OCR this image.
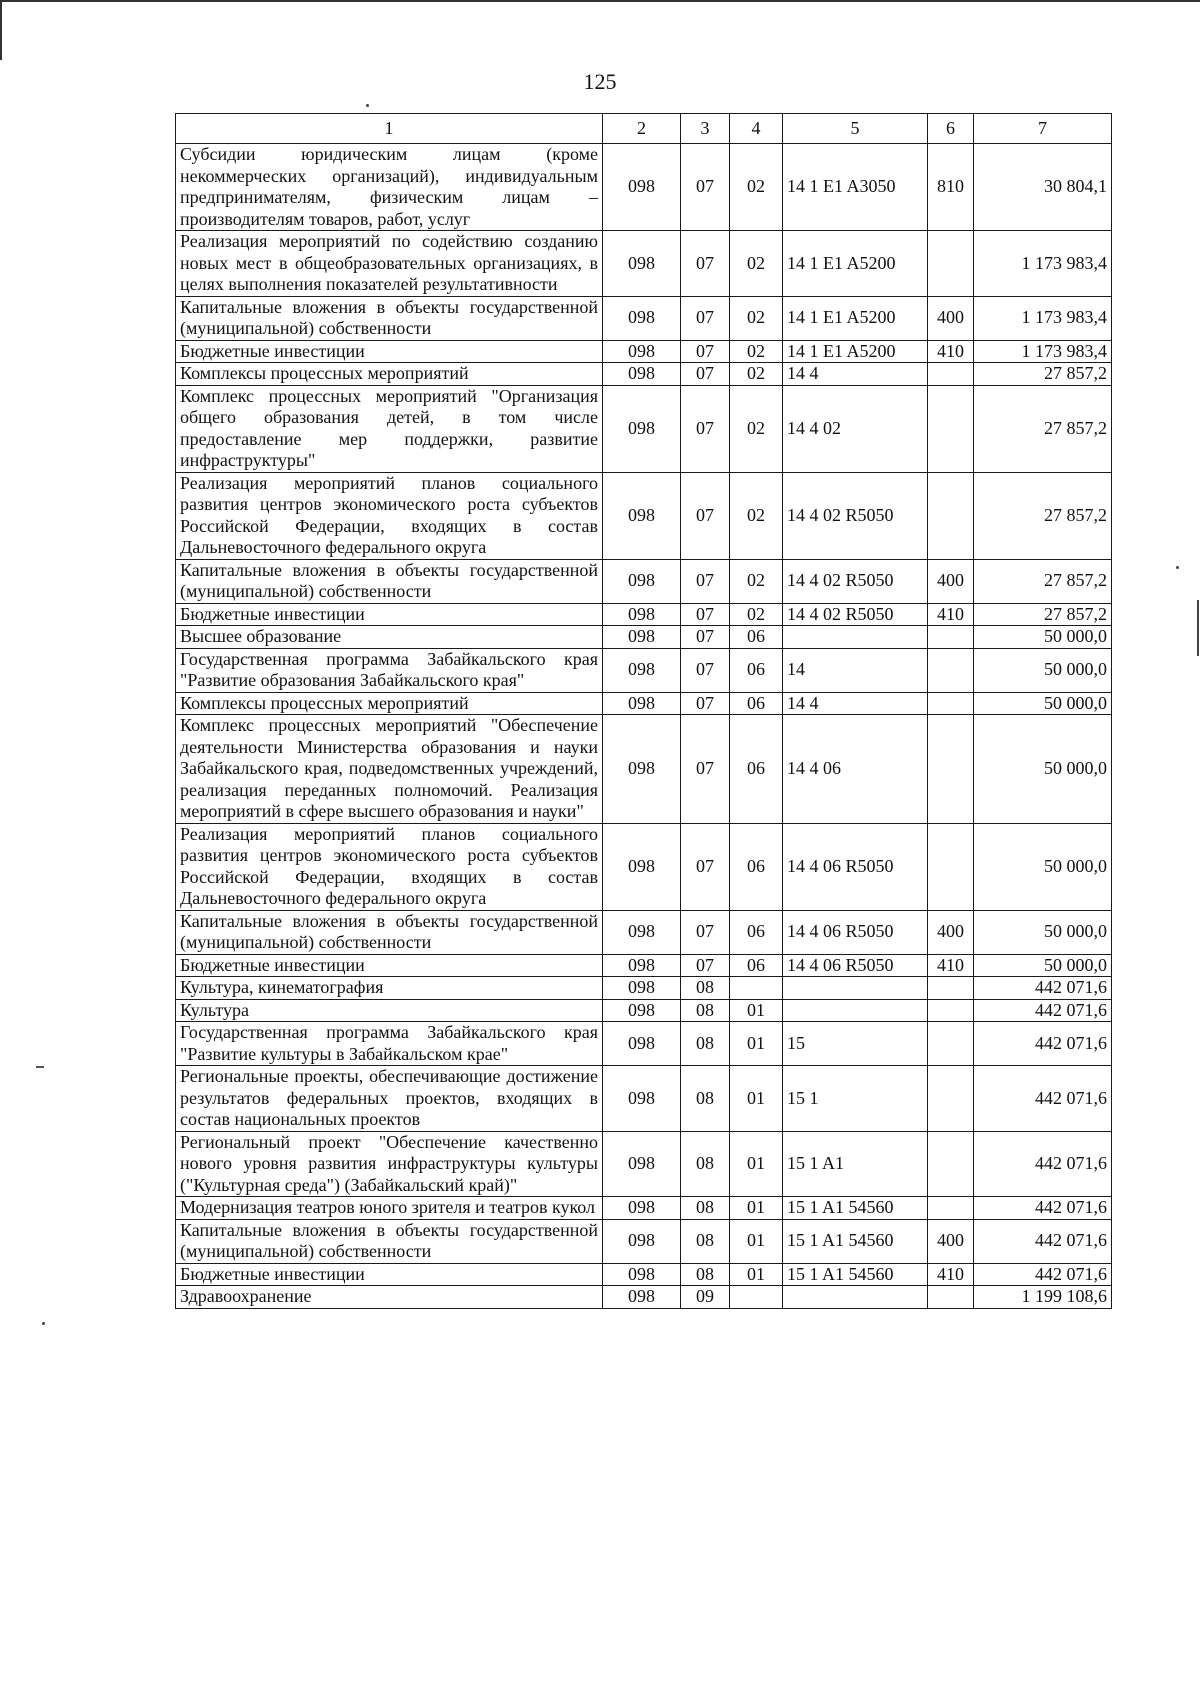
125
1	2	3	4	5	6	7
Субсидии юридическим лицам (кроме некоммерческих организаций), индивидуальным предпринимателям, физическим лицам – производителям товаров, работ, услуг	098	07	02	14 1 E1 A3050	810	30 804,1
Реализация мероприятий по содействию созданию новых мест в общеобразовательных организациях, в целях выполнения показателей результативности	098	07	02	14 1 E1 A5200		1 173 983,4
Капитальные вложения в объекты государственной (муниципальной) собственности	098	07	02	14 1 E1 A5200	400	1 173 983,4
Бюджетные инвестиции	098	07	02	14 1 E1 A5200	410	1 173 983,4
Комплексы процессных мероприятий	098	07	02	14 4		27 857,2
Комплекс процессных мероприятий "Организация общего образования детей, в том числе предоставление мер поддержки, развитие инфраструктуры"	098	07	02	14 4 02		27 857,2
Реализация мероприятий планов социального развития центров экономического роста субъектов Российской Федерации, входящих в состав Дальневосточного федерального округа	098	07	02	14 4 02 R5050		27 857,2
Капитальные вложения в объекты государственной (муниципальной) собственности	098	07	02	14 4 02 R5050	400	27 857,2
Бюджетные инвестиции	098	07	02	14 4 02 R5050	410	27 857,2
Высшее образование	098	07	06			50 000,0
Государственная программа Забайкальского края "Развитие образования Забайкальского края"	098	07	06	14		50 000,0
Комплексы процессных мероприятий	098	07	06	14 4		50 000,0
Комплекс процессных мероприятий "Обеспечение деятельности Министерства образования и науки Забайкальского края, подведомственных учреждений, реализация переданных полномочий. Реализация мероприятий в сфере высшего образования и науки"	098	07	06	14 4 06		50 000,0
Реализация мероприятий планов социального развития центров экономического роста субъектов Российской Федерации, входящих в состав Дальневосточного федерального округа	098	07	06	14 4 06 R5050		50 000,0
Капитальные вложения в объекты государственной (муниципальной) собственности	098	07	06	14 4 06 R5050	400	50 000,0
Бюджетные инвестиции	098	07	06	14 4 06 R5050	410	50 000,0
Культура, кинематография	098	08				442 071,6
Культура	098	08	01			442 071,6
Государственная программа Забайкальского края "Развитие культуры в Забайкальском крае"	098	08	01	15		442 071,6
Региональные проекты, обеспечивающие достижение результатов федеральных проектов, входящих в состав национальных проектов	098	08	01	15 1		442 071,6
Региональный проект "Обеспечение качественно нового уровня развития инфраструктуры культуры ("Культурная среда") (Забайкальский край)"	098	08	01	15 1 A1		442 071,6
Модернизация театров юного зрителя и театров кукол	098	08	01	15 1 A1 54560		442 071,6
Капитальные вложения в объекты государственной (муниципальной) собственности	098	08	01	15 1 A1 54560	400	442 071,6
Бюджетные инвестиции	098	08	01	15 1 A1 54560	410	442 071,6
Здравоохранение	098	09				1 199 108,6
